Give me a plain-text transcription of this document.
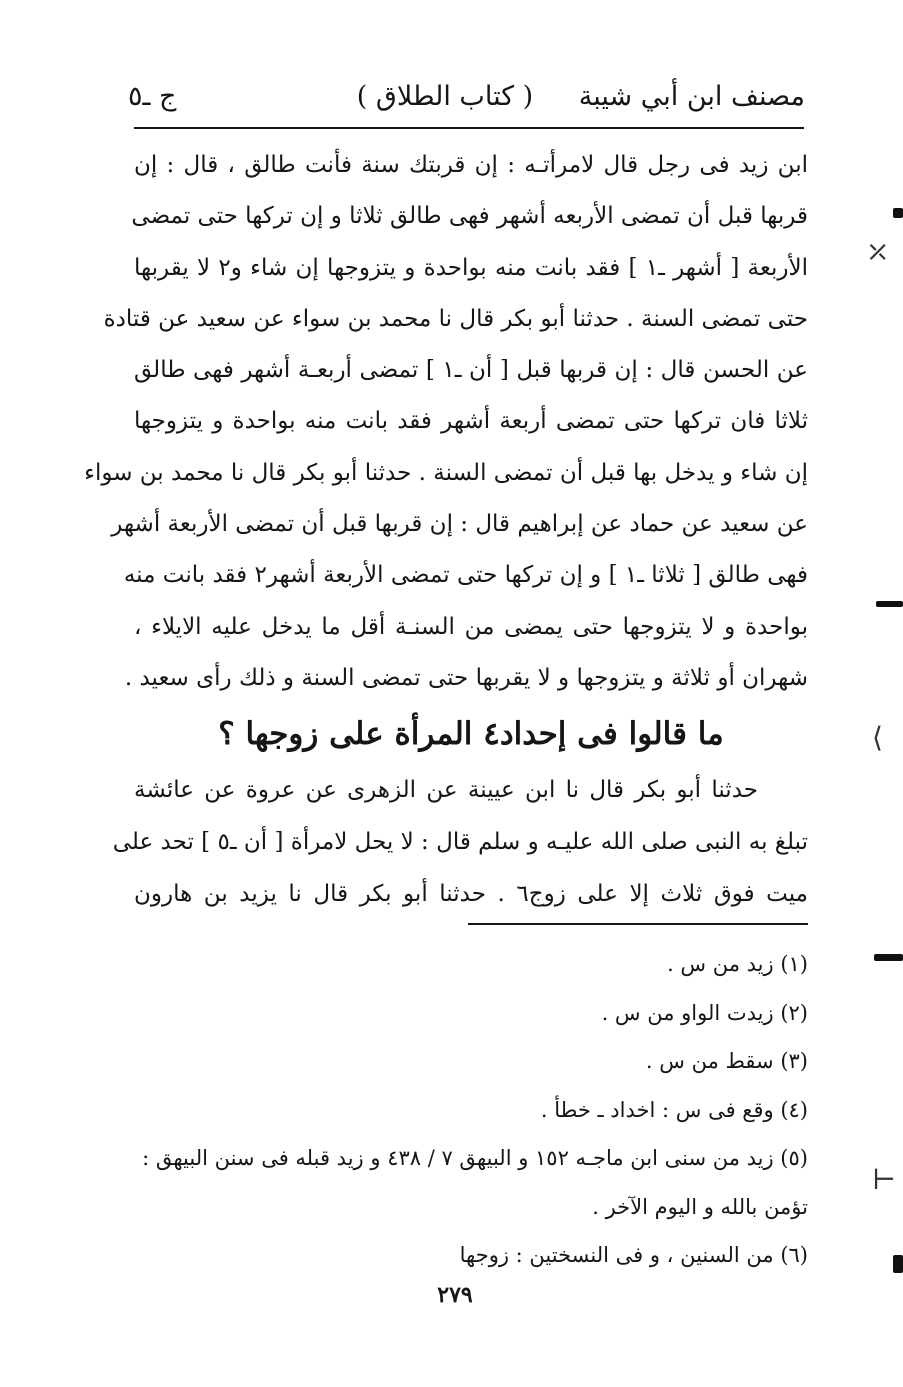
مصنف ابن أبي شيبة
( كتاب الطلاق )
ج ـ٥
ابن زيد فى رجل قال لامرأتـه : إن قربتك سنة فأنت طالق ، قال : إن
قربها قبل أن تمضى الأربعه أشهر فهى طالق ثلاثا و إن تركها حتى تمضى
الأربعة [ أشهر ـ١ ] فقد بانت منه بواحدة و يتزوجها إن شاء و٢ لا يقربها
حتى تمضى السنة . حدثنا أبو بكر قال نا محمد بن سواء عن سعيد عن قتادة
عن الحسن قال : إن قربها قبل [ أن ـ١ ] تمضى أربعـة أشهر فهى طالق
ثلاثا فان تركها حتى تمضى أربعة أشهر فقد بانت منه بواحدة و يتزوجها
إن شاء و يدخل بها قبل أن تمضى السنة . حدثنا أبو بكر قال نا محمد بن سواء
عن سعيد عن حماد عن إبراهيم قال : إن قربها قبل أن تمضى الأربعة أشهر
فهى طالق [ ثلاثا ـ١ ] و إن تركها حتى تمضى الأربعة أشهر٢ فقد بانت منه
بواحدة و لا يتزوجها حتى يمضى من السنـة أقل ما يدخل عليه الايلاء ،
شهران أو ثلاثة و يتزوجها و لا يقربها حتى تمضى السنة و ذلك رأى سعيد .
ما قالوا فى إحداد٤ المرأة على زوجها ؟
حدثنا أبو بكر قال نا ابن عيينة عن الزهرى عن عروة عن عائشة
تبلغ به النبى صلى الله عليـه و سلم قال : لا يحل لامرأة [ أن ـ٥ ] تحد على
ميت فوق ثلاث إلا على زوج٦ . حدثنا أبو بكر قال نا يزيد بن هارون
(١) زيد من س .
(٢) زيدت الواو من س .
(٣) سقط من س .
(٤) وقع فى س : اخداد ـ خطأ .
(٥) زيد من سنى ابن ماجـه ١٥٢ و البيهق ٧ / ٤٣٨ و زيد قبله فى سنن البيهق :
تؤمن بالله و اليوم الآخر .
(٦) من السنين ، و فى النسختين : زوجها
٢٧٩
⤫
⟨
⊢
